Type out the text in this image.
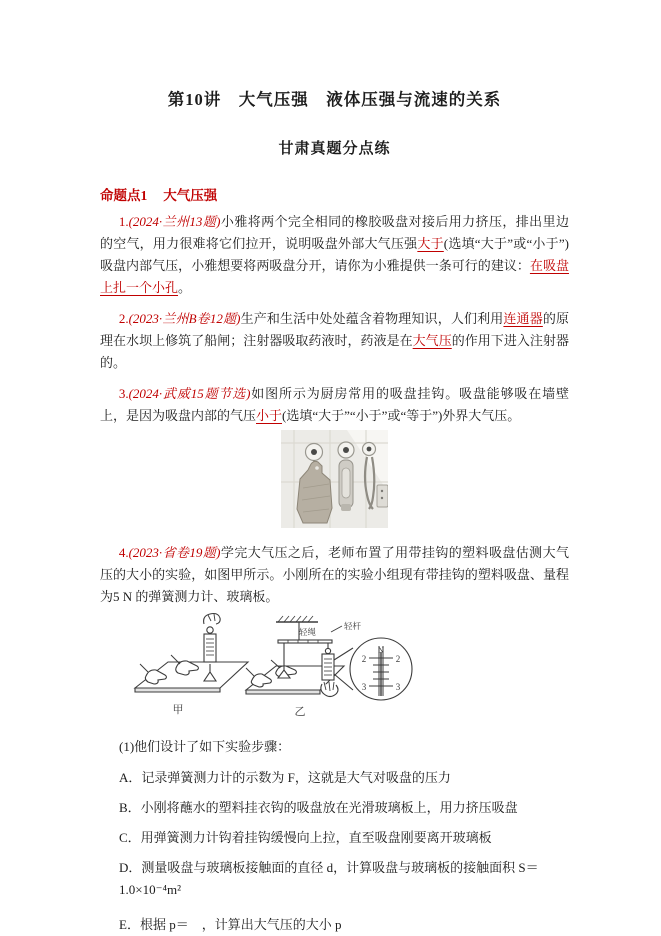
第10讲　大气压强　液体压强与流速的关系
甘肃真题分点练
命题点1 大气压强

1.(2024·兰州13题)小雅将两个完全相同的橡胶吸盘对接后用力挤压，排出里边的空气，用力很难将它们拉开，说明吸盘外部大气压强大于(选填“大于”或“小于”)吸盘内部气压，小雅想要将两吸盘分开，请你为小雅提供一条可行的建议：在吸盘上扎一个小孔。

2.(2023·兰州B卷12题)生产和生活中处处蕴含着物理知识，人们利用连通器的原理在水坝上修筑了船闸；注射器吸取药液时，药液是在大气压的作用下进入注射器的。

3.(2024·武威15题节选)如图所示为厨房常用的吸盘挂钩。吸盘能够吸在墙壁上，是因为吸盘内部的气压小于(选填“大于”“小于”或“等于”)外界大气压。

4.(2023·省卷19题)学完大气压之后，老师布置了用带挂钩的塑料吸盘估测大气压的大小的实验，如图甲所示。小刚所在的实验小组现有带挂钩的塑料吸盘、量程为5 N 的弹簧测力计、玻璃板。

甲
轻绳
轻杆
N
2	2
3	3
乙

(1)他们设计了如下实验步骤：

A．记录弹簧测力计的示数为 F，这就是大气对吸盘的压力

B．小刚将蘸水的塑料挂衣钩的吸盘放在光滑玻璃板上，用力挤压吸盘

C．用弹簧测力计钩着挂钩缓慢向上拉，直至吸盘刚要离开玻璃板

D．测量吸盘与玻璃板接触面的直径 d，计算吸盘与玻璃板的接触面积 S＝1.0×10⁻⁴m²

E．根据 p＝　，计算出大气压的大小 p
